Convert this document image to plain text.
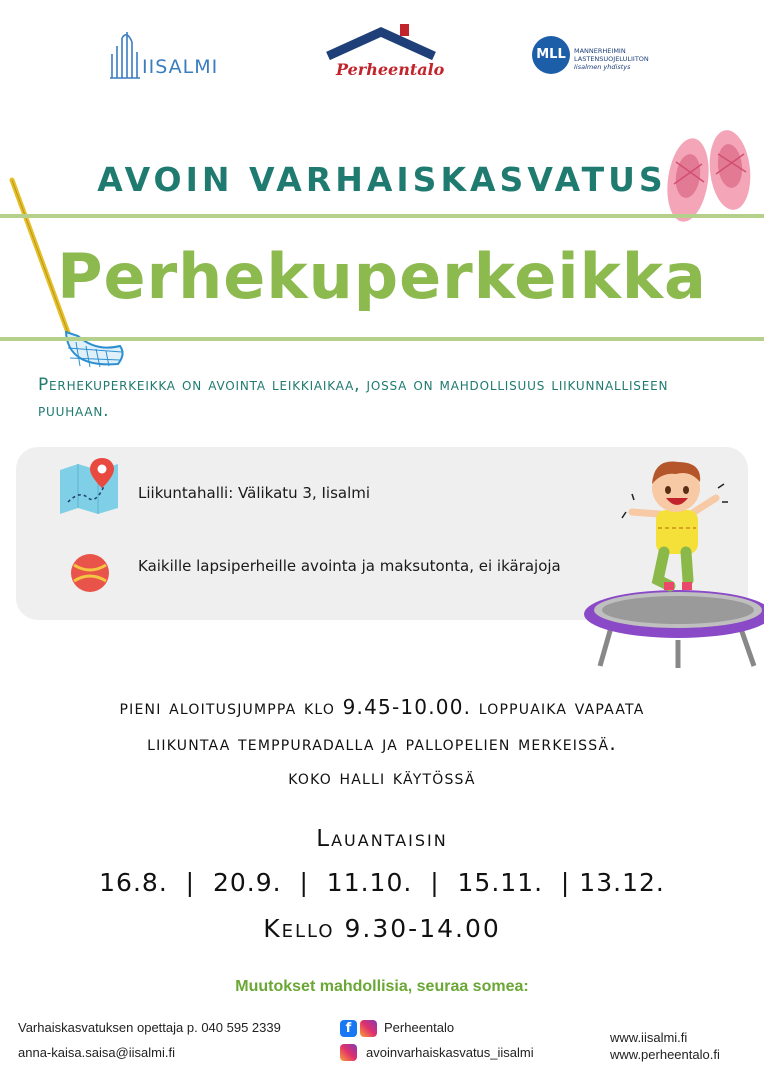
IISALMI	Perheentalo
MLL	MANNERHEIMIN
LASTENSUOJELULIITON
Iisalmen yhdistys
AVOIN VARHAISKASVATUS
Perhekuperkeikka
Perhekuperkeikka on avointa leikkiaikaa, jossa on mahdollisuus liikunnalliseen puuhaan.
Liikuntahalli: Välikatu 3, Iisalmi
Kaikille lapsiperheille avointa ja maksutonta, ei ikärajoja
pieni aloitusjumppa klo 9.45-10.00. loppuaika vapaata
liikuntaa temppuradalla ja pallopelien merkeissä.
koko halli käytössä
Lauantaisin
16.8.  |  20.9.  |  11.10.  |  15.11.  | 13.12.
Kello 9.30-14.00
Muutokset mahdollisia, seuraa somea:
Varhaiskasvatuksen opettaja p. 040 595 2339
anna-kaisa.saisa@iisalmi.fi
f	Perheentalo
avoinvarhaiskasvatus_iisalmi
www.iisalmi.fi
www.perheentalo.fi
